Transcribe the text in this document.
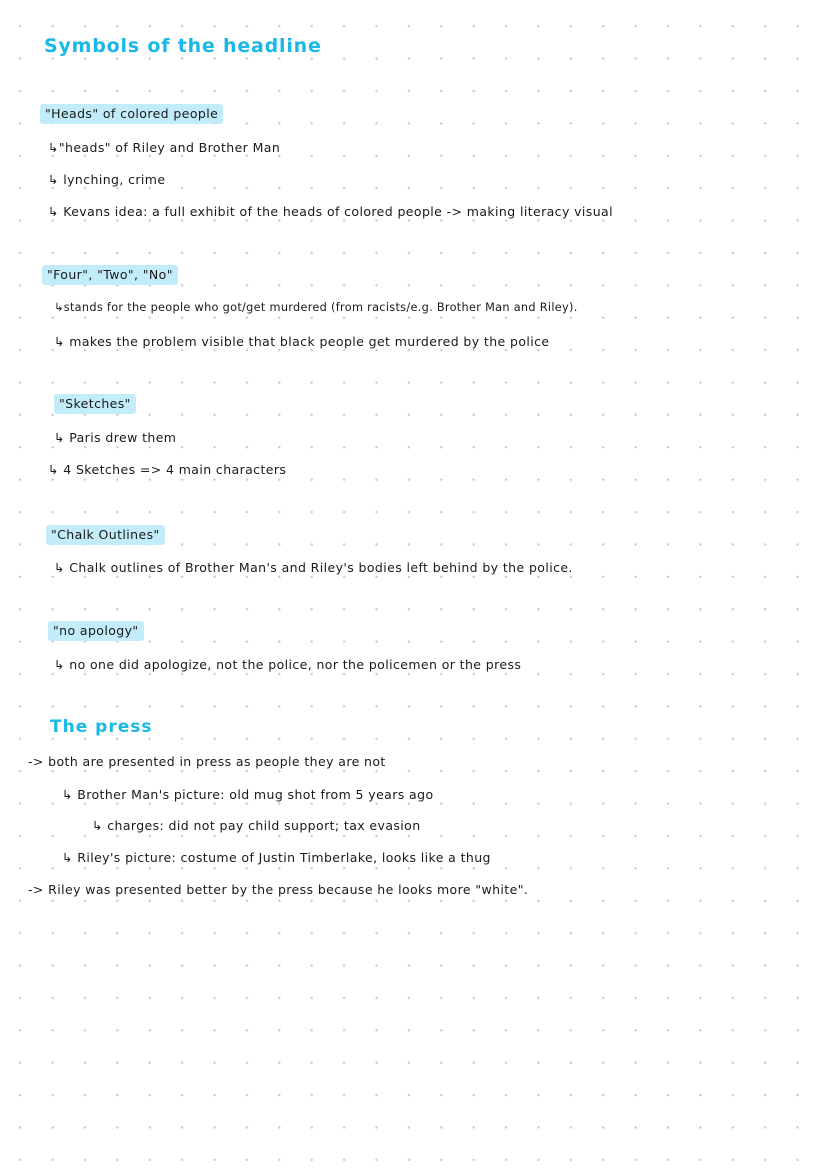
Symbols of the headline
"Heads" of colored people
↳"heads" of Riley and Brother Man
↳ lynching, crime
↳ Kevans idea: a full exhibit of the heads of colored people -> making literacy visual
"Four", "Two", "No"
↳stands for the people who got/get murdered (from racists/e.g. Brother Man and Riley).
↳ makes the problem visible that black people get murdered by the police
"Sketches"
↳ Paris drew them
↳ 4 Sketches => 4 main characters
"Chalk Outlines"
↳ Chalk outlines of Brother Man's and Riley's bodies left behind by the police.
"no apology"
↳ no one did apologize, not the police, nor the policemen or the press
The press
-> both are presented in press as people they are not
↳ Brother Man's picture: old mug shot from 5 years ago
↳ charges: did not pay child support; tax evasion
↳ Riley's picture: costume of Justin Timberlake, looks like a thug
-> Riley was presented better by the press because he looks more "white".
